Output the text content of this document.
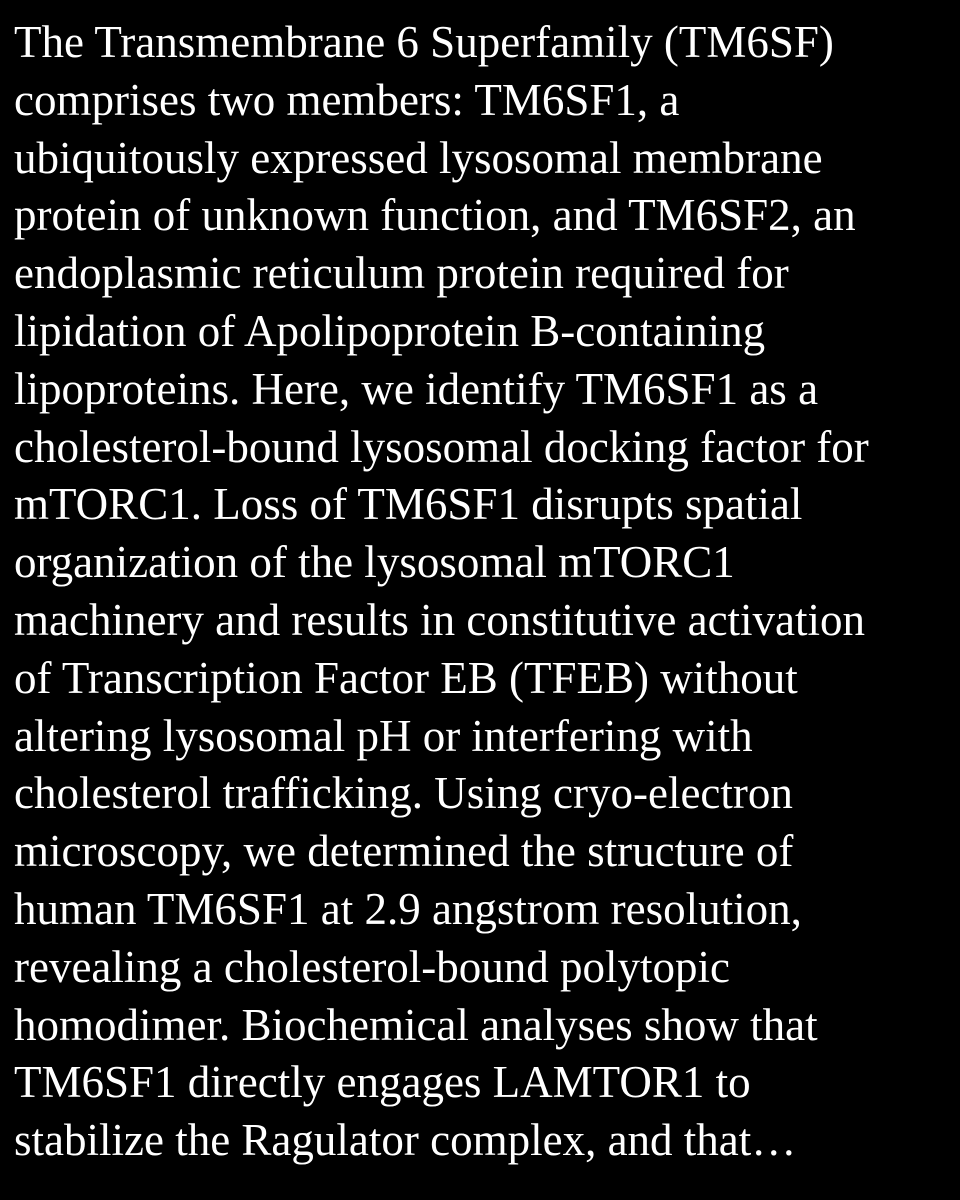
The Transmembrane 6 Superfamily (TM6SF)
comprises two members: TM6SF1, a
ubiquitously expressed lysosomal membrane
protein of unknown function, and TM6SF2, an
endoplasmic reticulum protein required for
lipidation of Apolipoprotein B-containing
lipoproteins. Here, we identify TM6SF1 as a
cholesterol-bound lysosomal docking factor for
mTORC1. Loss of TM6SF1 disrupts spatial
organization of the lysosomal mTORC1
machinery and results in constitutive activation
of Transcription Factor EB (TFEB) without
altering lysosomal pH or interfering with
cholesterol trafficking. Using cryo-electron
microscopy, we determined the structure of
human TM6SF1 at 2.9 angstrom resolution,
revealing a cholesterol-bound polytopic
homodimer. Biochemical analyses show that
TM6SF1 directly engages LAMTOR1 to
stabilize the Ragulator complex, and that…
